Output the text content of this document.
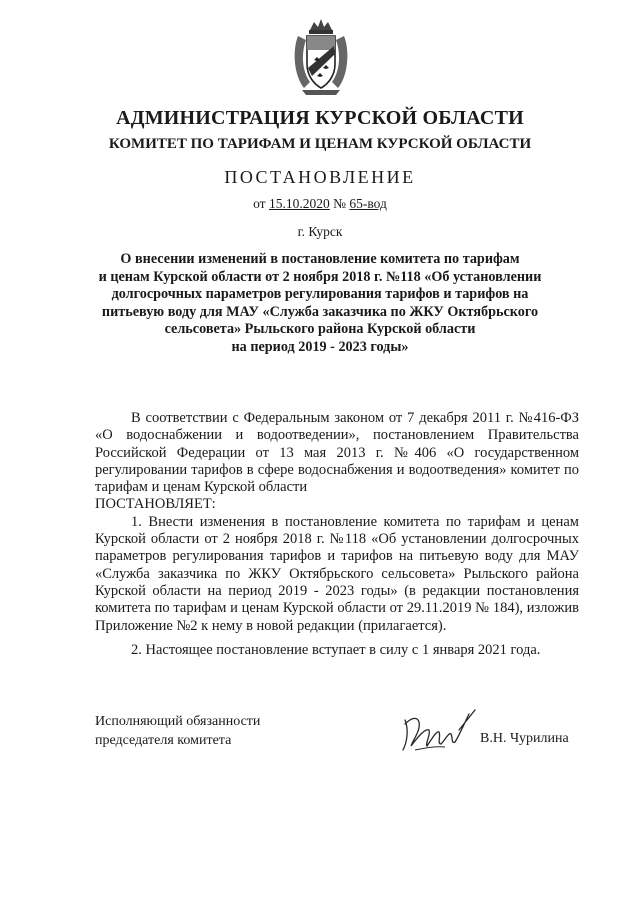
АДМИНИСТРАЦИЯ КУРСКОЙ ОБЛАСТИ
КОМИТЕТ ПО ТАРИФАМ И ЦЕНАМ КУРСКОЙ ОБЛАСТИ
ПОСТАНОВЛЕНИЕ
от 15.10.2020 № 65-вод
г. Курск
О внесении изменений в постановление комитета по тарифам
и ценам Курской области от 2 ноября 2018 г. №118 «Об установлении
долгосрочных параметров регулирования тарифов и тарифов на
питьевую воду для МАУ «Служба заказчика по ЖКУ Октябрьского
сельсовета» Рыльского района Курской области
на период 2019 - 2023 годы»

В соответствии с Федеральным законом от 7 декабря 2011 г. №416-ФЗ «О водоснабжении и водоотведении», постановлением Правительства Российской Федерации от 13 мая 2013 г. №406 «О государственном регулировании тарифов в сфере водоснабжения и водоотведения» комитет по тарифам и ценам Курской области

ПОСТАНОВЛЯЕТ:

1. Внести изменения в постановление комитета по тарифам и ценам Курской области от 2 ноября 2018 г. №118 «Об установлении долгосрочных параметров регулирования тарифов и тарифов на питьевую воду для МАУ «Служба заказчика по ЖКУ Октябрьского сельсовета» Рыльского района Курской области на период 2019 - 2023 годы» (в редакции постановления комитета по тарифам и ценам Курской области от 29.11.2019 № 184), изложив Приложение №2 к нему в новой редакции (прилагается).

2. Настоящее постановление вступает в силу с 1 января 2021 года.

Исполняющий обязанности
председателя комитета	В.Н. Чурилина
